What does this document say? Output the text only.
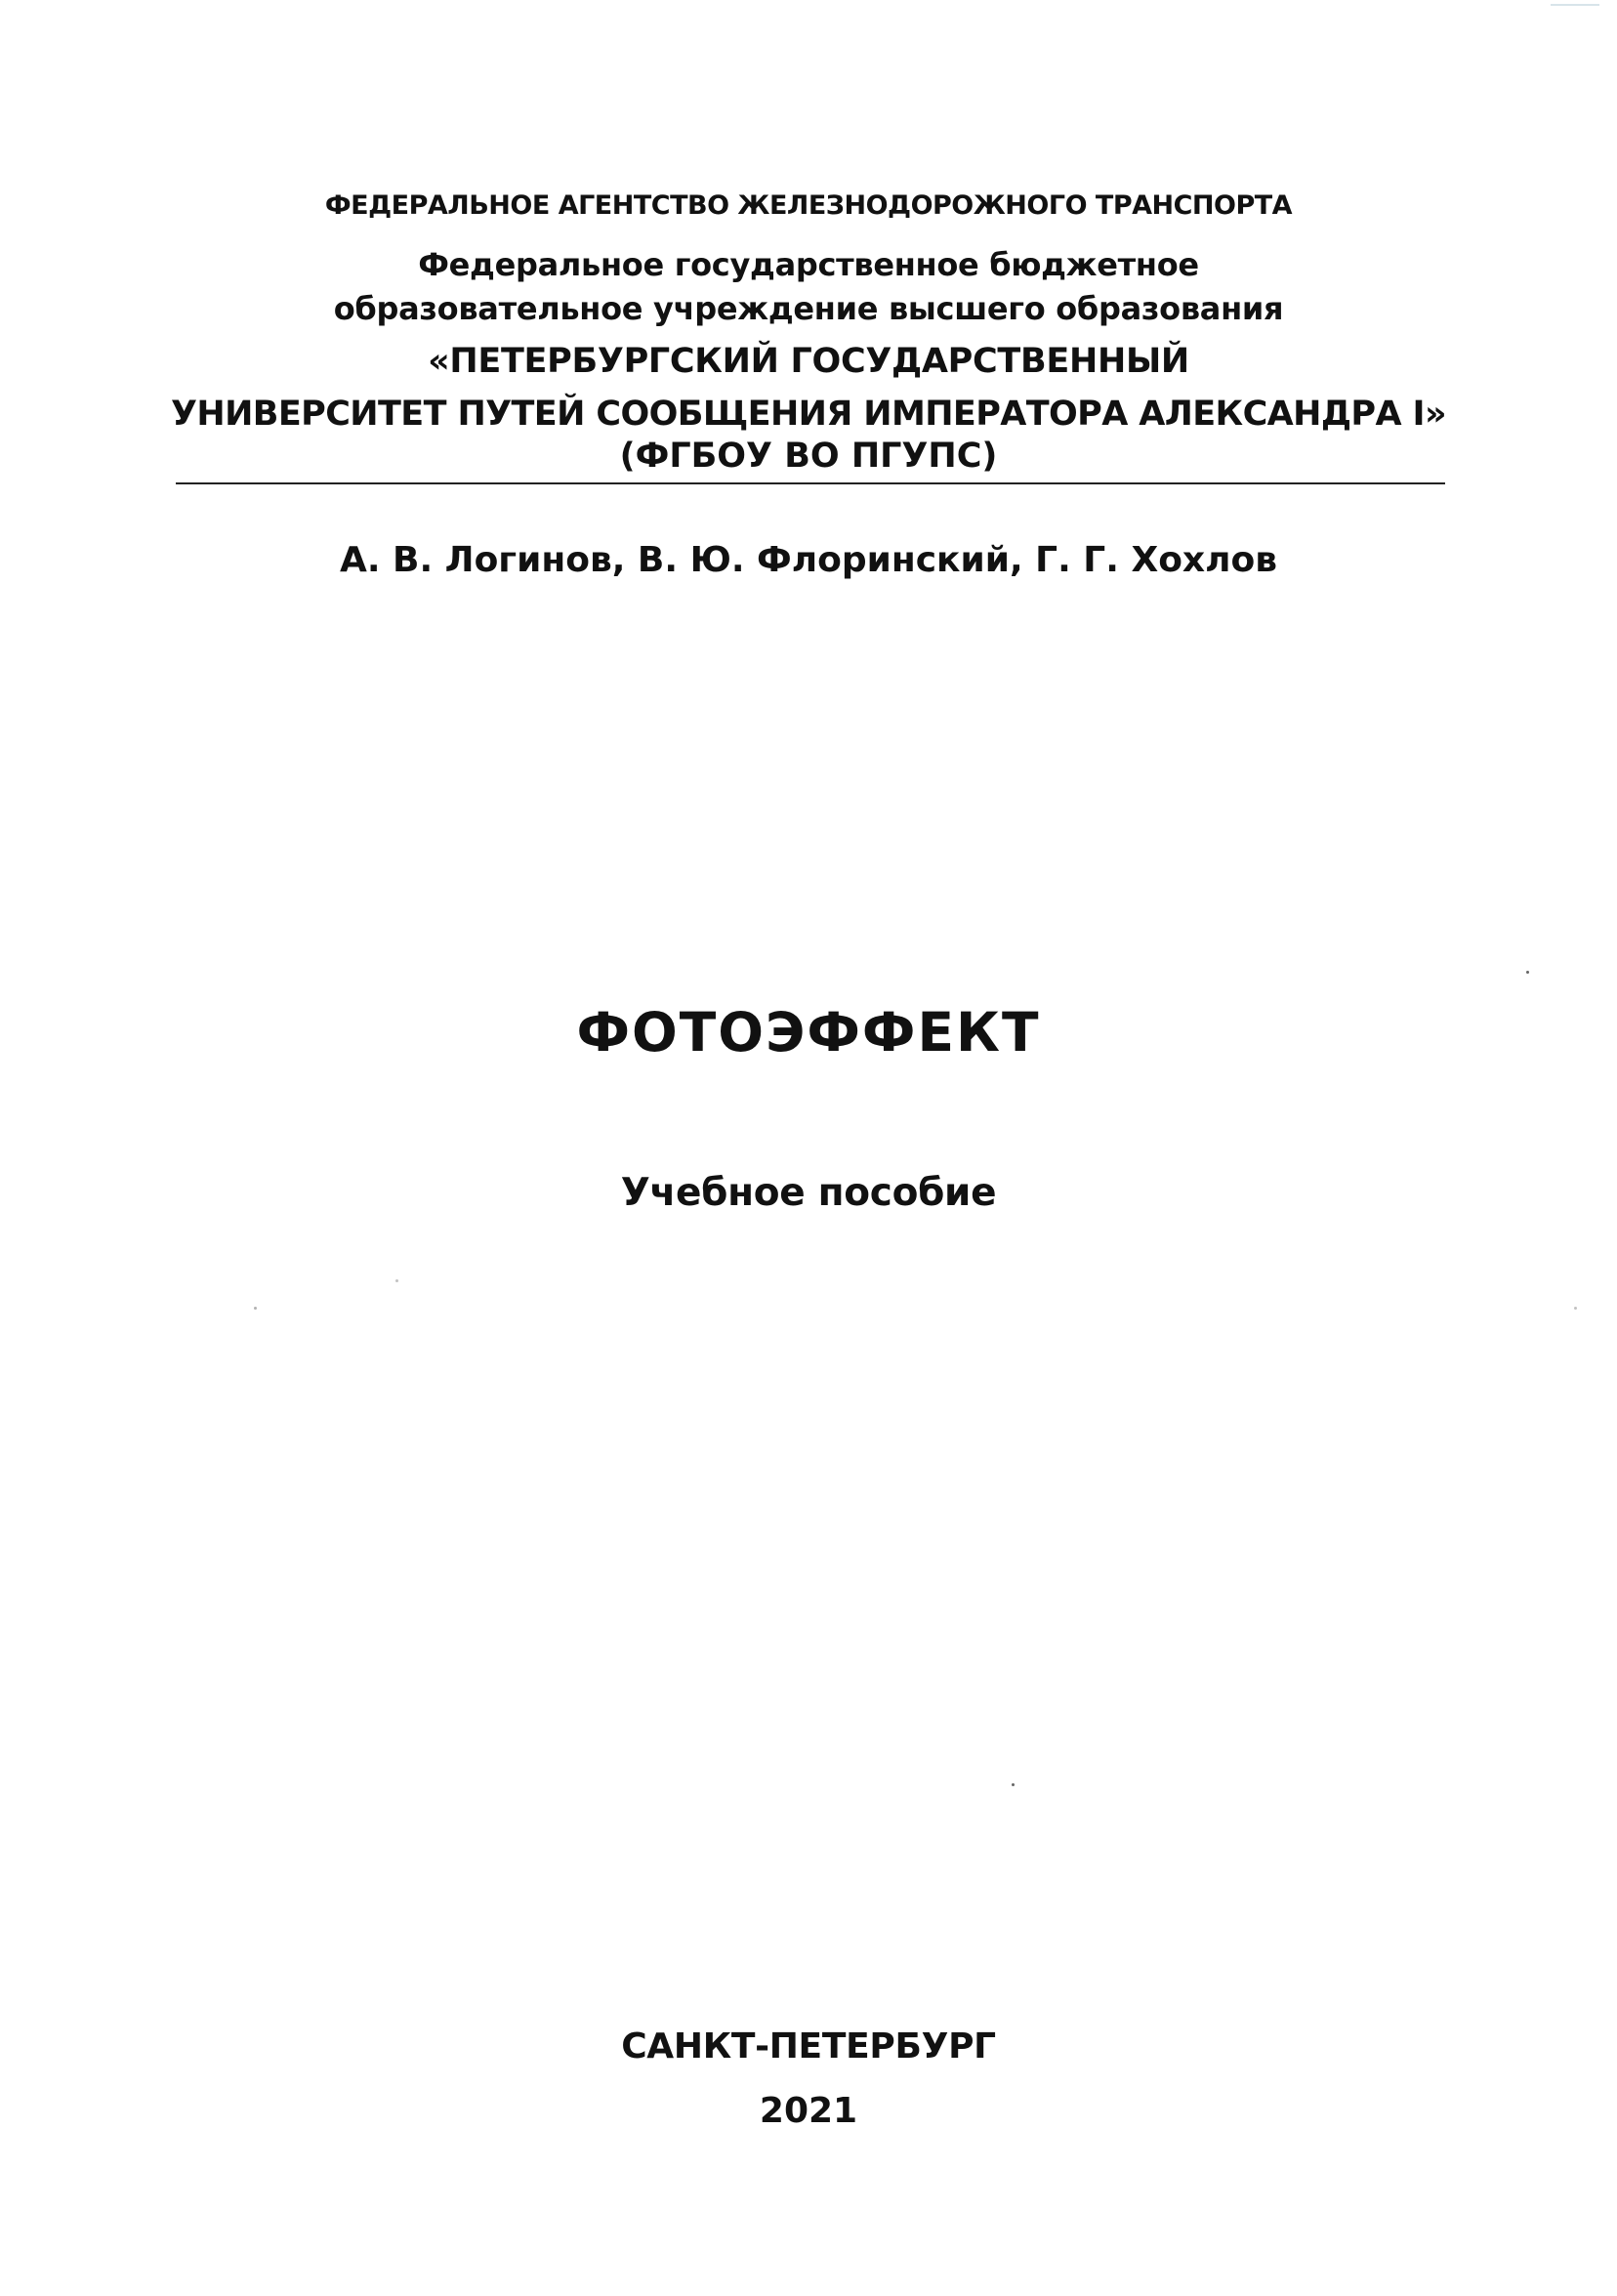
ФЕДЕРАЛЬНОЕ АГЕНТСТВО ЖЕЛЕЗНОДОРОЖНОГО ТРАНСПОРТА
Федеральное государственное бюджетное
образовательное учреждение высшего образования
«ПЕТЕРБУРГСКИЙ ГОСУДАРСТВЕННЫЙ
УНИВЕРСИТЕТ ПУТЕЙ СООБЩЕНИЯ ИМПЕРАТОРА АЛЕКСАНДРА I»
(ФГБОУ ВО ПГУПС)
А. В. Логинов, В. Ю. Флоринский, Г. Г. Хохлов
ФОТОЭФФЕКТ
Учебное пособие
САНКТ-ПЕТЕРБУРГ
2021
